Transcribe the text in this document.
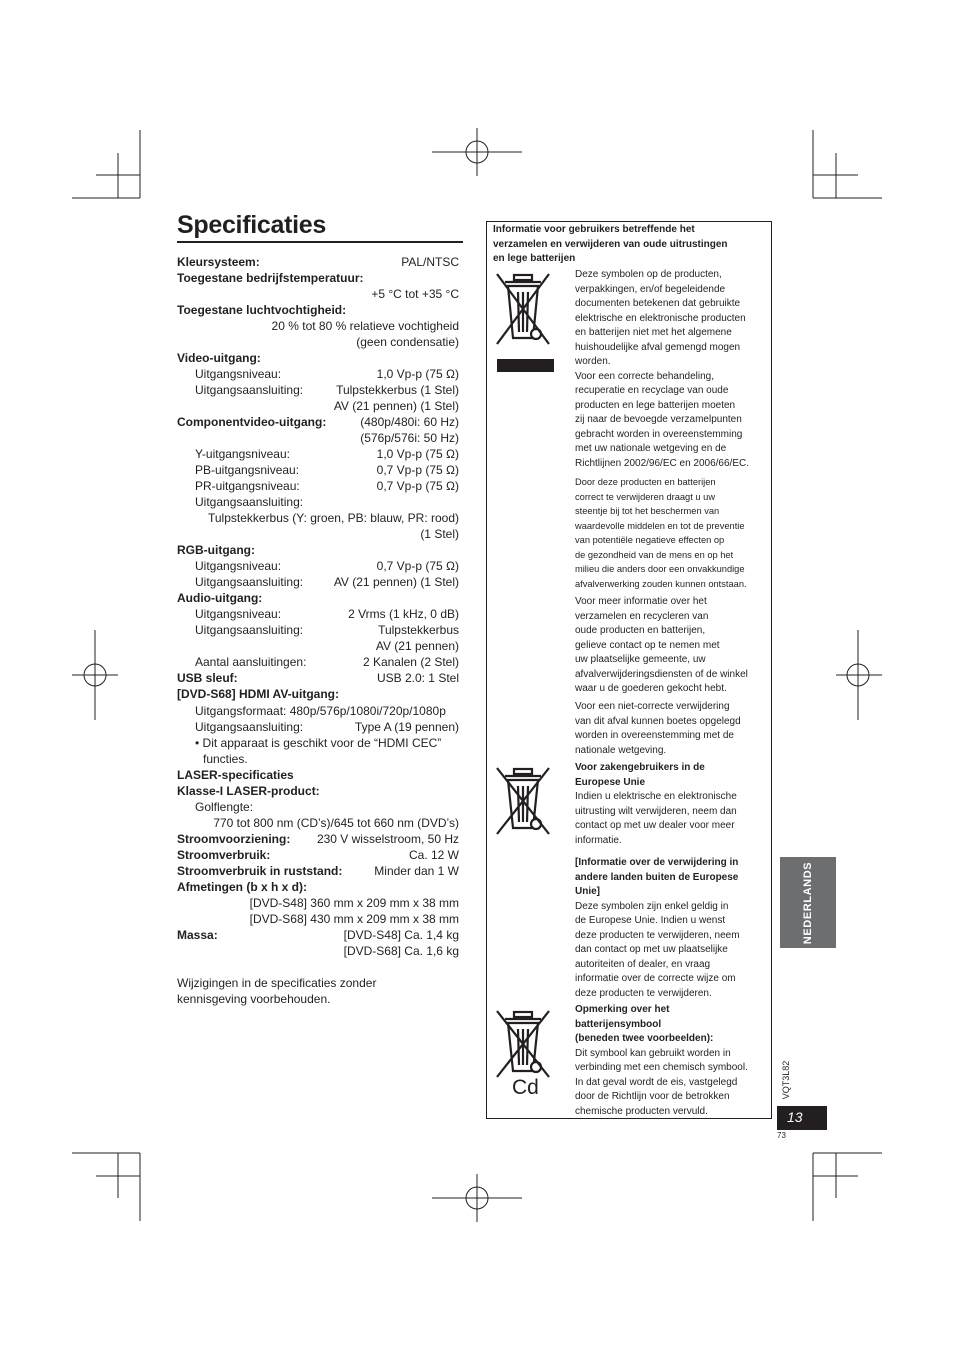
Specificaties
Kleursysteem:	PAL/NTSC
Toegestane bedrijfstemperatuur:
+5 °C tot +35 °C
Toegestane luchtvochtigheid:
20 % tot 80 % relatieve vochtigheid
(geen condensatie)
Video-uitgang:
Uitgangsniveau:	1,0 Vp-p (75 Ω)
Uitgangsaansluiting:	Tulpstekkerbus (1 Stel)
AV (21 pennen) (1 Stel)
Componentvideo-uitgang:	(480p/480i: 60 Hz)
(576p/576i: 50 Hz)
Y-uitgangsniveau:	1,0 Vp-p (75 Ω)
PB-uitgangsniveau:	0,7 Vp-p (75 Ω)
PR-uitgangsniveau:	0,7 Vp-p (75 Ω)
Uitgangsaansluiting:
Tulpstekkerbus (Y: groen, PB: blauw, PR: rood)
(1 Stel)
RGB-uitgang:
Uitgangsniveau:	0,7 Vp-p (75 Ω)
Uitgangsaansluiting:	AV (21 pennen) (1 Stel)
Audio-uitgang:
Uitgangsniveau:	2 Vrms (1 kHz, 0 dB)
Uitgangsaansluiting:	Tulpstekkerbus
AV (21 pennen)
Aantal aansluitingen:	2 Kanalen (2 Stel)
USB sleuf:	USB 2.0: 1 Stel
[DVD-S68] HDMI AV-uitgang:
Uitgangsformaat: 480p/576p/1080i/720p/1080p
Uitgangsaansluiting:	Type A (19 pennen)
• Dit apparaat is geschikt voor de “HDMI CEC”
functies.
LASER-specificaties
Klasse-I LASER-product:
Golflengte:
770 tot 800 nm (CD’s)/645 tot 660 nm (DVD’s)
Stroomvoorziening: 230 V wisselstroom, 50 Hz
Stroomverbruik:	Ca. 12 W
Stroomverbruik in ruststand:	Minder dan 1 W
Afmetingen (b x h x d):
[DVD-S48] 360 mm x 209 mm x 38 mm
[DVD-S68] 430 mm x 209 mm x 38 mm
Massa:	[DVD-S48] Ca. 1,4 kg
[DVD-S68] Ca. 1,6 kg
Wijzigingen in de specificaties zonder
kennisgeving voorbehouden.
Informatie voor gebruikers betreffende het
verzamelen en verwijderen van oude uitrustingen
en lege batterijen
Cd
Deze symbolen op de producten,
verpakkingen, en/of begeleidende
documenten betekenen dat gebruikte
elektrische en elektronische producten
en batterijen niet met het algemene
huishoudelijke afval gemengd mogen
worden.
Voor een correcte behandeling,
recuperatie en recyclage van oude
producten en lege batterijen moeten
zij naar de bevoegde verzamelpunten
gebracht worden in overeenstemming
met uw nationale wetgeving en de
Richtlijnen 2002/96/EC en 2006/66/EC.
Door deze producten en batterijen
correct te verwijderen draagt u uw
steentje bij tot het beschermen van
waardevolle middelen en tot de preventie
van potentiële negatieve effecten op
de gezondheid van de mens en op het
milieu die anders door een onvakkundige
afvalverwerking zouden kunnen ontstaan.
Voor meer informatie over het
verzamelen en recycleren van
oude producten en batterijen,
gelieve contact op te nemen met
uw plaatselijke gemeente, uw
afvalverwijderingsdiensten of de winkel
waar u de goederen gekocht hebt.
Voor een niet-correcte verwijdering
van dit afval kunnen boetes opgelegd
worden in overeenstemming met de
nationale wetgeving.
Voor zakengebruikers in de
Europese Unie
Indien u elektrische en elektronische
uitrusting wilt verwijderen, neem dan
contact op met uw dealer voor meer
informatie.
[Informatie over de verwijdering in
andere landen buiten de Europese
Unie]
Deze symbolen zijn enkel geldig in
de Europese Unie. Indien u wenst
deze producten te verwijderen, neem
dan contact op met uw plaatselijke
autoriteiten of dealer, en vraag
informatie over de correcte wijze om
deze producten te verwijderen.
Opmerking over het
batterijensymbool
(beneden twee voorbeelden):
Dit symbool kan gebruikt worden in
verbinding met een chemisch symbool.
In dat geval wordt de eis, vastgelegd
door de Richtlijn voor de betrokken
chemische producten vervuld.
NEDERLANDS
VQT3L82
13
73
